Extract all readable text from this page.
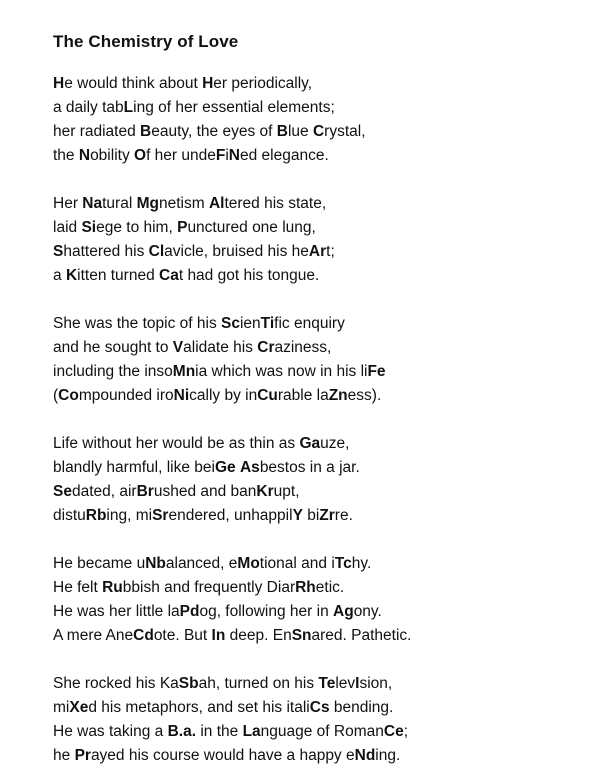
The Chemistry of Love
He would think about Her periodically,
a daily tabLing of her essential elements;
her radiated Beauty, the eyes of Blue Crystal,
the Nobility Of her undeFiNed elegance.
Her Natural Mgnetism Altered his state,
laid Siege to him, Punctured one lung,
Shattered his Clavicle, bruised his heArt;
a Kitten turned Cat had got his tongue.
She was the topic of his ScienTific enquiry
and he sought to Validate his Craziness,
including the insoMnia which was now in his liFe
(Compounded iroNically by inCurable laZness).
Life without her would be as thin as Gauze,
blandly harmful, like beiGe Asbestos in a jar.
Sedated, airBrushed and banKrupt,
distuRbing, miSrendered, unhappilY biZrre.
He became uNbalanced, eMotional and iTchy.
He felt Rubbish and frequently DiarRhetic.
He was her little laPdog, following her in Agony.
A mere AneCdote. But In deep. EnSnared. Pathetic.
She rocked his KaSbah, turned on his TelevIsion,
miXed his metaphors, and set his italiCs bending.
He was taking a B.a. in the Language of RomanCe;
he Prayed his course would have a happy eNding.
